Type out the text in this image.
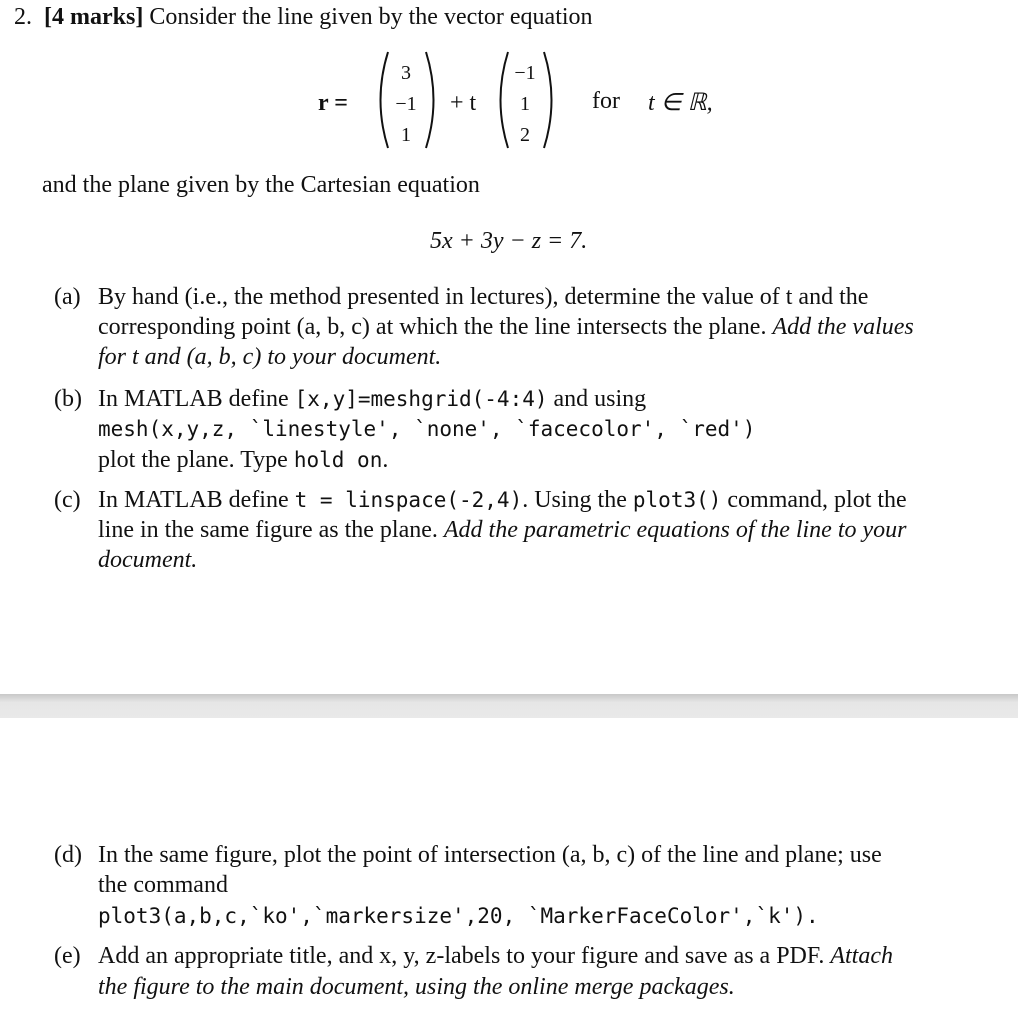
2. [4 marks] Consider the line given by the vector equation
r =
3
−1
1
+ t
−1
1
2
for t ∈ ℝ,
and the plane given by the Cartesian equation
5x + 3y − z = 7.
(a) By hand (i.e., the method presented in lectures), determine the value of t and the
corresponding point (a, b, c) at which the the line intersects the plane. Add the values
for t and (a, b, c) to your document.
(b) In MATLAB define [x,y]=meshgrid(-4:4) and using
mesh(x,y,z, `linestyle', `none', `facecolor', `red')
plot the plane. Type hold on.
(c) In MATLAB define t = linspace(-2,4). Using the plot3() command, plot the
line in the same figure as the plane. Add the parametric equations of the line to your
document.
(d) In the same figure, plot the point of intersection (a, b, c) of the line and plane; use
the command
plot3(a,b,c,`ko',`markersize',20, `MarkerFaceColor',`k').
(e) Add an appropriate title, and x, y, z-labels to your figure and save as a PDF. Attach
the figure to the main document, using the online merge packages.
